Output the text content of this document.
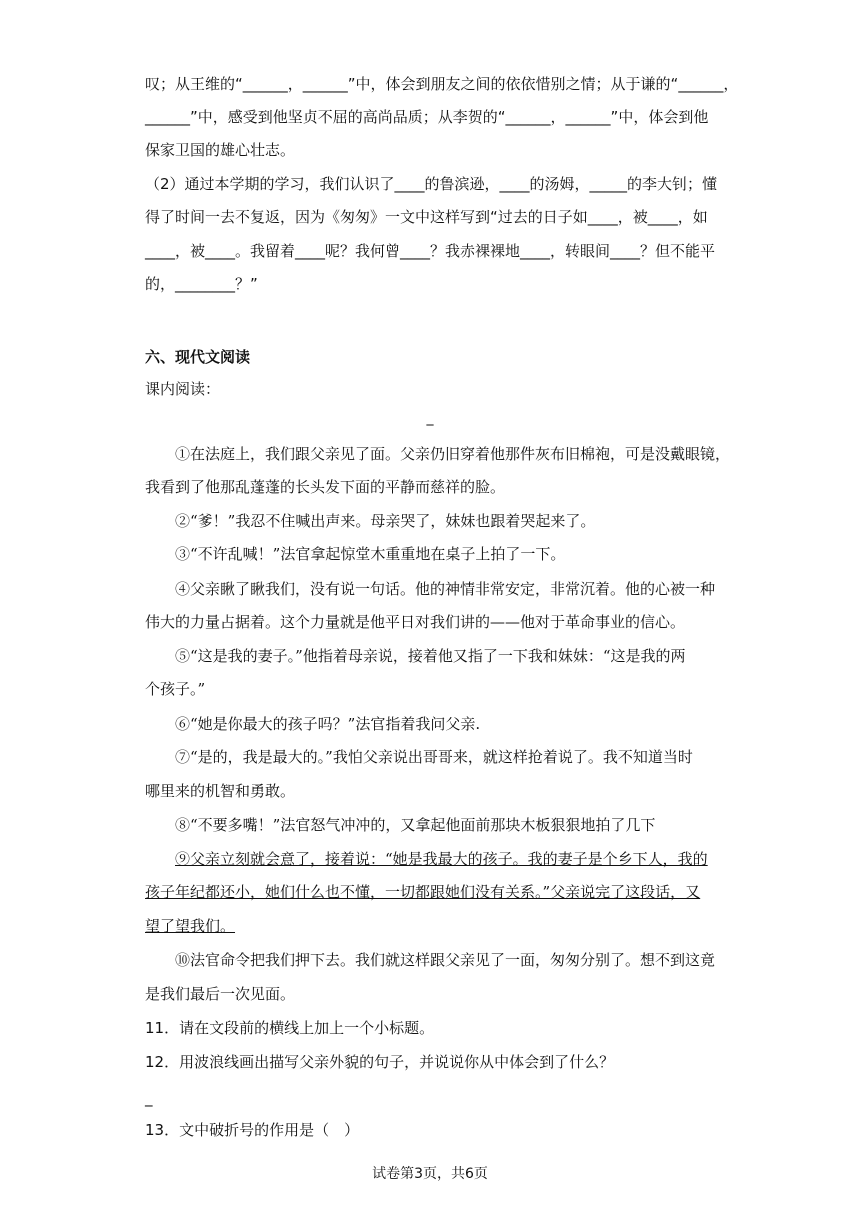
叹；从王维的“______，______”中，体会到朋友之间的依依惜别之情；从于谦的“______，
______”中，感受到他坚贞不屈的高尚品质；从李贺的“______，______”中，体会到他
保家卫国的雄心壮志。
（2）通过本学期的学习，我们认识了____的鲁滨逊，____的汤姆，_____的李大钊；懂
得了时间一去不复返，因为《匆匆》一文中这样写到“过去的日子如____，被____，如
____，被____。我留着____呢？我何曾____？我赤裸裸地____，转眼间____？但不能平
的，________？”
六、现代文阅读
课内阅读：
_
①在法庭上，我们跟父亲见了面。父亲仍旧穿着他那件灰布旧棉袍，可是没戴眼镜，
我看到了他那乱蓬蓬的长头发下面的平静而慈祥的脸。
②“爹！”我忍不住喊出声来。母亲哭了，妹妹也跟着哭起来了。
③“不许乱喊！”法官拿起惊堂木重重地在桌子上拍了一下。
④父亲瞅了瞅我们，没有说一句话。他的神情非常安定，非常沉着。他的心被一种
伟大的力量占据着。这个力量就是他平日对我们讲的——他对于革命事业的信心。
⑤“这是我的妻子。”他指着母亲说，接着他又指了一下我和妹妹：“这是我的两
个孩子。”
⑥“她是你最大的孩子吗？”法官指着我问父亲.
⑦“是的，我是最大的。”我怕父亲说出哥哥来，就这样抢着说了。我不知道当时
哪里来的机智和勇敢。
⑧“不要多嘴！”法官怒气冲冲的，又拿起他面前那块木板狠狠地拍了几下
⑨父亲立刻就会意了，接着说：“她是我最大的孩子。我的妻子是个乡下人，我的
孩子年纪都还小，她们什么也不懂，一切都跟她们没有关系。”父亲说完了这段话，又
望了望我们。
⑩法官命令把我们押下去。我们就这样跟父亲见了一面，匆匆分别了。想不到这竟
是我们最后一次见面。
11．请在文段前的横线上加上一个小标题。
12．用波浪线画出描写父亲外貌的句子，并说说你从中体会到了什么？
_
13．文中破折号的作用是（　）
试卷第3页，共6页
